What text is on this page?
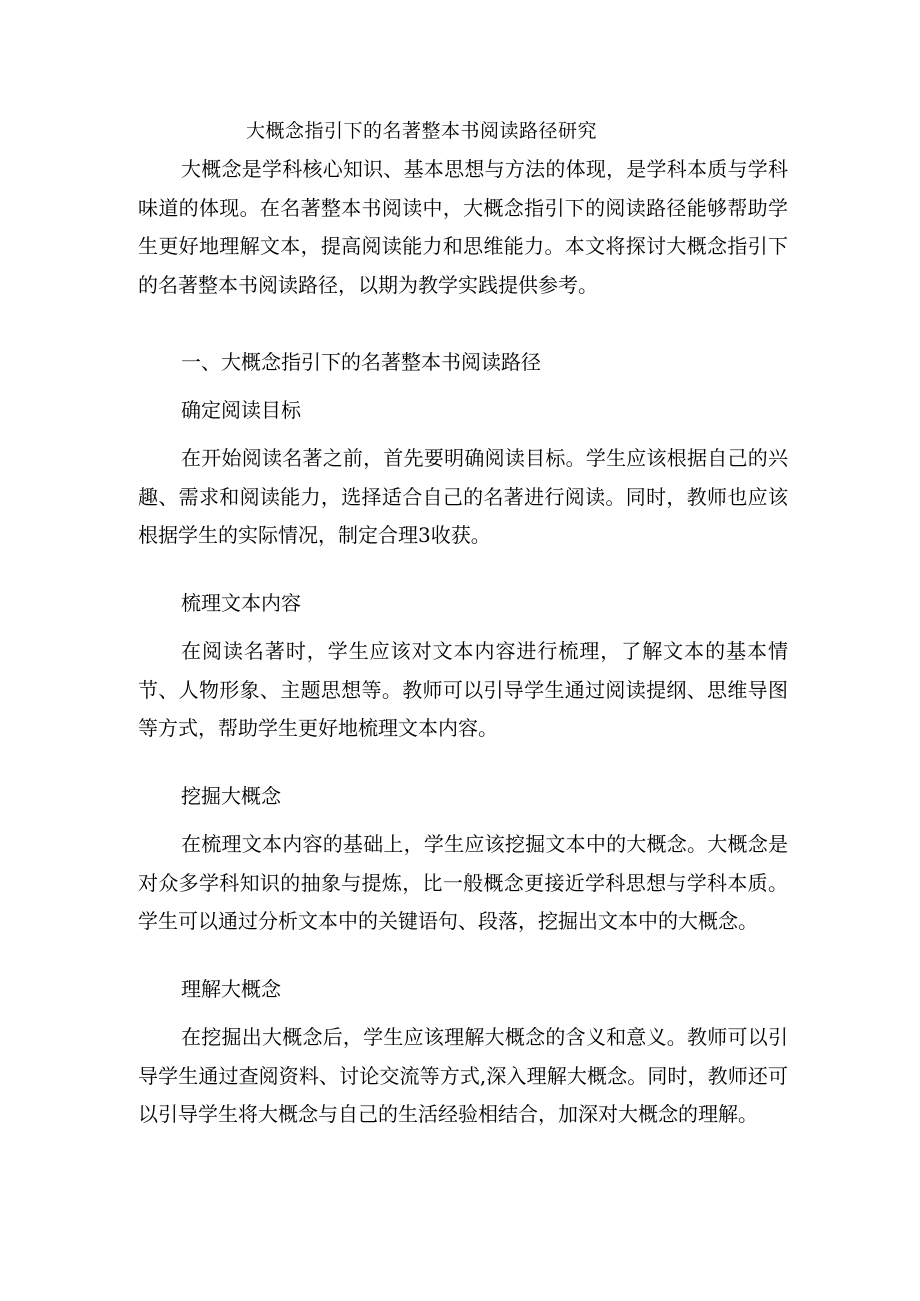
大概念指引下的名著整本书阅读路径研究

大概念是学科核心知识、基本思想与方法的体现，是学科本质与学科味道的体现。在名著整本书阅读中，大概念指引下的阅读路径能够帮助学生更好地理解文本，提高阅读能力和思维能力。本文将探讨大概念指引下的名著整本书阅读路径，以期为教学实践提供参考。

一、大概念指引下的名著整本书阅读路径

确定阅读目标

在开始阅读名著之前，首先要明确阅读目标。学生应该根据自己的兴趣、需求和阅读能力，选择适合自己的名著进行阅读。同时，教师也应该根据学生的实际情况，制定合理3收获。

梳理文本内容

在阅读名著时，学生应该对文本内容进行梳理，了解文本的基本情节、人物形象、主题思想等。教师可以引导学生通过阅读提纲、思维导图等方式，帮助学生更好地梳理文本内容。

挖掘大概念

在梳理文本内容的基础上，学生应该挖掘文本中的大概念。大概念是对众多学科知识的抽象与提炼，比一般概念更接近学科思想与学科本质。学生可以通过分析文本中的关键语句、段落，挖掘出文本中的大概念。

理解大概念

在挖掘出大概念后，学生应该理解大概念的含义和意义。教师可以引导学生通过查阅资料、讨论交流等方式,深入理解大概念。同时，教师还可以引导学生将大概念与自己的生活经验相结合，加深对大概念的理解。
